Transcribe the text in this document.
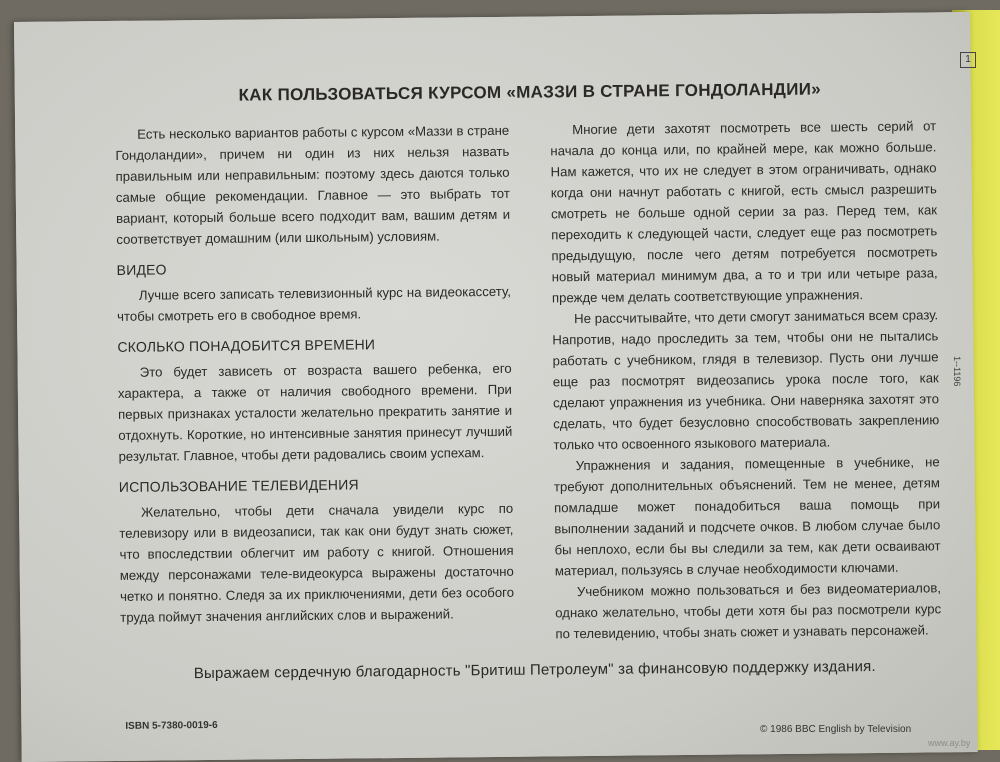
КАК ПОЛЬЗОВАТЬСЯ КУРСОМ «МАЗЗИ В СТРАНЕ ГОНДОЛАНДИИ»

Есть несколько вариантов работы с курсом «Маззи в стране Гондоландии», причем ни один из них нельзя назвать правильным или неправильным: поэтому здесь даются только самые общие рекомендации. Главное — это выбрать тот вариант, который больше всего подходит вам, вашим детям и соответствует домашним (или школьным) условиям.

ВИДЕО

Лучше всего записать телевизионный курс на видеокассету, чтобы смотреть его в свободное время.

СКОЛЬКО ПОНАДОБИТСЯ ВРЕМЕНИ

Это будет зависеть от возраста вашего ребенка, его характера, а также от наличия свободного времени. При первых признаках усталости желательно прекратить занятие и отдохнуть. Короткие, но интенсивные занятия принесут лучший результат. Главное, чтобы дети радовались своим успехам.

ИСПОЛЬЗОВАНИЕ ТЕЛЕВИДЕНИЯ

Желательно, чтобы дети сначала увидели курс по телевизору или в видеозаписи, так как они будут знать сюжет, что впоследствии облегчит им работу с книгой. Отношения между персонажами теле-видеокурса выражены достаточно четко и понятно. Следя за их приключениями, дети без особого труда поймут значения английских слов и выражений.

Многие дети захотят посмотреть все шесть серий от начала до конца или, по крайней мере, как можно больше. Нам кажется, что их не следует в этом ограничивать, однако когда они начнут работать с книгой, есть смысл разрешить смотреть не больше одной серии за раз. Перед тем, как переходить к следующей части, следует еще раз посмотреть предыдущую, после чего детям потребуется посмотреть новый материал минимум два, а то и три или четыре раза, прежде чем делать соответствующие упражнения.

Не рассчитывайте, что дети смогут заниматься всем сразу. Напротив, надо проследить за тем, чтобы они не пытались работать с учебником, глядя в телевизор. Пусть они лучше еще раз посмотрят видеозапись урока после того, как сделают упражнения из учебника. Они наверняка захотят это сделать, что будет безусловно способствовать закреплению только что освоенного языкового материала.

Упражнения и задания, помещенные в учебнике, не требуют дополнительных объяснений. Тем не менее, детям помладше может понадобиться ваша помощь при выполнении заданий и подсчете очков. В любом случае было бы неплохо, если бы вы следили за тем, как дети осваивают материал, пользуясь в случае необходимости ключами.

Учебником можно пользоваться и без видеоматериалов, однако желательно, чтобы дети хотя бы раз посмотрели курс по телевидению, чтобы знать сюжет и узнавать персонажей.

Выражаем сердечную благодарность "Бритиш Петролеум" за финансовую поддержку издания.
ISBN 5-7380-0019-6
1
1--1196
© 1986 BBC English by Television
www.ay.by
